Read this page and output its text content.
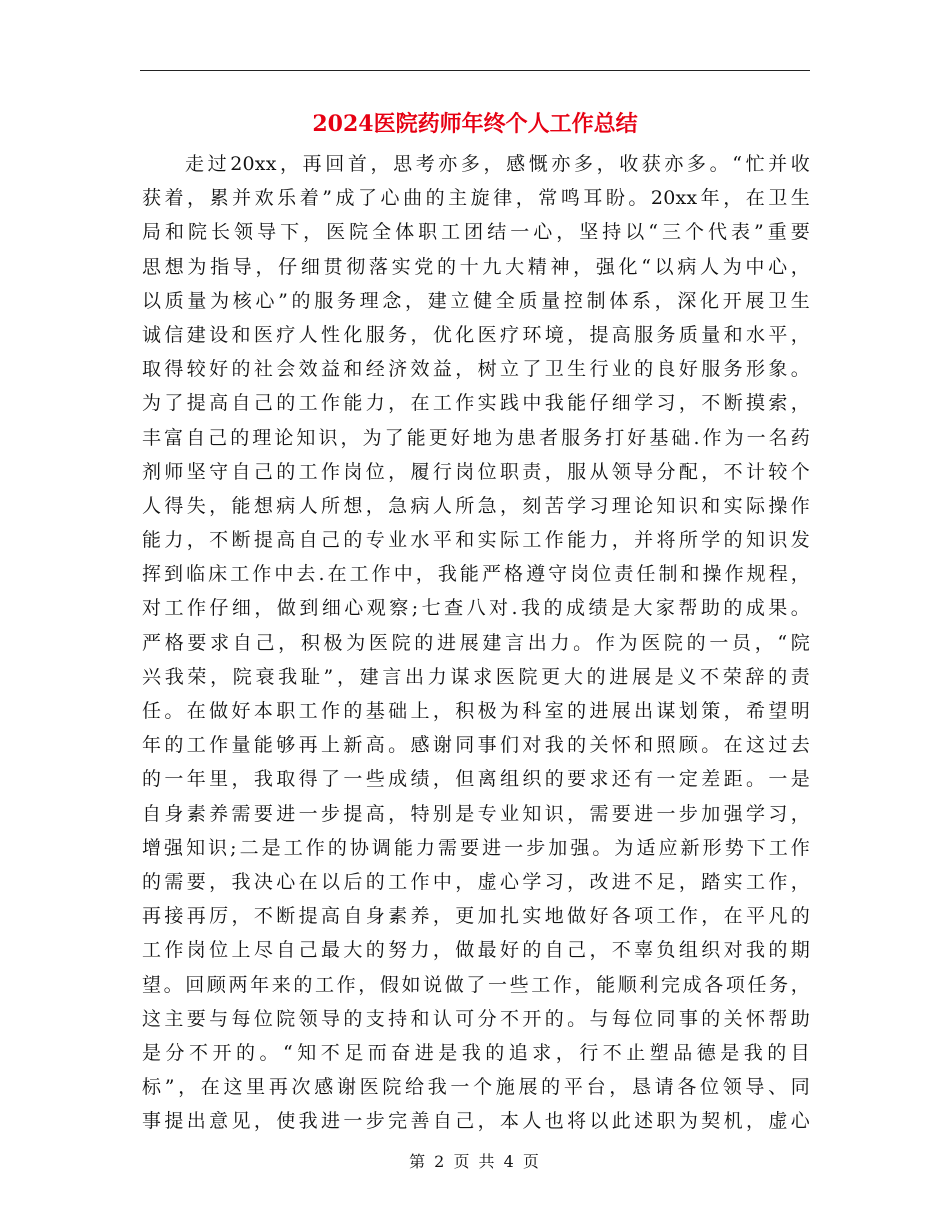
2024医院药师年终个人工作总结
走过20xx，再回首，思考亦多，感慨亦多，收获亦多。“忙并收
获着，累并欢乐着”成了心曲的主旋律，常鸣耳盼。20xx年，在卫生
局和院长领导下，医院全体职工团结一心，坚持以“三个代表”重要
思想为指导，仔细贯彻落实党的十九大精神，强化“以病人为中心，
以质量为核心”的服务理念，建立健全质量控制体系，深化开展卫生
诚信建设和医疗人性化服务，优化医疗环境，提高服务质量和水平，
取得较好的社会效益和经济效益，树立了卫生行业的良好服务形象。
为了提高自己的工作能力，在工作实践中我能仔细学习，不断摸索，
丰富自己的理论知识，为了能更好地为患者服务打好基础.作为一名药
剂师坚守自己的工作岗位，履行岗位职责，服从领导分配，不计较个
人得失，能想病人所想，急病人所急，刻苦学习理论知识和实际操作
能力，不断提高自己的专业水平和实际工作能力，并将所学的知识发
挥到临床工作中去.在工作中，我能严格遵守岗位责任制和操作规程，
对工作仔细，做到细心观察;七查八对.我的成绩是大家帮助的成果。
严格要求自己，积极为医院的进展建言出力。作为医院的一员，“院
兴我荣，院衰我耻”，建言出力谋求医院更大的进展是义不荣辞的责
任。在做好本职工作的基础上，积极为科室的进展出谋划策，希望明
年的工作量能够再上新高。感谢同事们对我的关怀和照顾。在这过去
的一年里，我取得了一些成绩，但离组织的要求还有一定差距。一是
自身素养需要进一步提高，特别是专业知识，需要进一步加强学习，
增强知识;二是工作的协调能力需要进一步加强。为适应新形势下工作
的需要，我决心在以后的工作中，虚心学习，改进不足，踏实工作，
再接再厉，不断提高自身素养，更加扎实地做好各项工作，在平凡的
工作岗位上尽自己最大的努力，做最好的自己，不辜负组织对我的期
望。回顾两年来的工作，假如说做了一些工作，能顺利完成各项任务，
这主要与每位院领导的支持和认可分不开的。与每位同事的关怀帮助
是分不开的。“知不足而奋进是我的追求，行不止塑品德是我的目
标”，在这里再次感谢医院给我一个施展的平台，恳请各位领导、同
事提出意见，使我进一步完善自己，本人也将以此述职为契机，虚心
第 2 页 共 4 页
